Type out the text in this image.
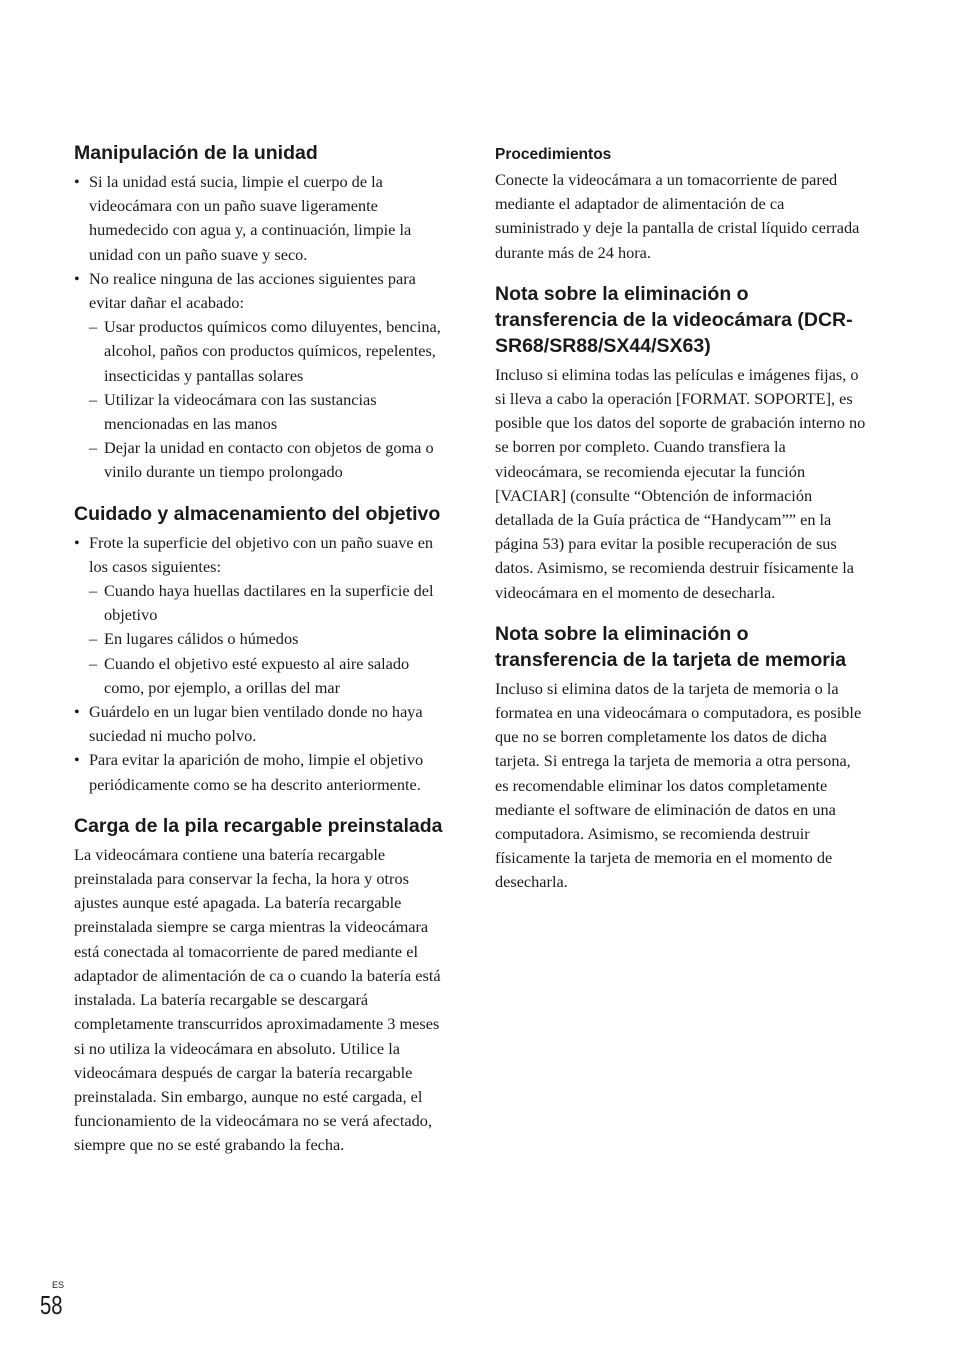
Manipulación de la unidad
• Si la unidad está sucia, limpie el cuerpo de la videocámara con un paño suave ligeramente humedecido con agua y, a continuación, limpie la unidad con un paño suave y seco.
• No realice ninguna de las acciones siguientes para evitar dañar el acabado:
– Usar productos químicos como diluyentes, bencina, alcohol, paños con productos químicos, repelentes, insecticidas y pantallas solares
– Utilizar la videocámara con las sustancias mencionadas en las manos
– Dejar la unidad en contacto con objetos de goma o vinilo durante un tiempo prolongado
Cuidado y almacenamiento del objetivo
• Frote la superficie del objetivo con un paño suave en los casos siguientes:
– Cuando haya huellas dactilares en la superficie del objetivo
– En lugares cálidos o húmedos
– Cuando el objetivo esté expuesto al aire salado como, por ejemplo, a orillas del mar
• Guárdelo en un lugar bien ventilado donde no haya suciedad ni mucho polvo.
• Para evitar la aparición de moho, limpie el objetivo periódicamente como se ha descrito anteriormente.
Carga de la pila recargable preinstalada

La videocámara contiene una batería recargable preinstalada para conservar la fecha, la hora y otros ajustes aunque esté apagada. La batería recargable preinstalada siempre se carga mientras la videocámara está conectada al tomacorriente de pared mediante el adaptador de alimentación de ca o cuando la batería está instalada. La batería recargable se descargará completamente transcurridos aproximadamente 3 meses si no utiliza la videocámara en absoluto. Utilice la videocámara después de cargar la batería recargable preinstalada. Sin embargo, aunque no esté cargada, el funcionamiento de la videocámara no se verá afectado, siempre que no se esté grabando la fecha.

Procedimientos

Conecte la videocámara a un tomacorriente de pared mediante el adaptador de alimentación de ca suministrado y deje la pantalla de cristal líquido cerrada durante más de 24 hora.

Nota sobre la eliminación o transferencia de la videocámara (DCR-SR68/SR88/SX44/SX63)

Incluso si elimina todas las películas e imágenes fijas, o si lleva a cabo la operación [FORMAT. SOPORTE], es posible que los datos del soporte de grabación interno no se borren por completo. Cuando transfiera la videocámara, se recomienda ejecutar la función [VACIAR] (consulte “Obtención de información detallada de la Guía práctica de “Handycam”” en la página 53) para evitar la posible recuperación de sus datos. Asimismo, se recomienda destruir físicamente la videocámara en el momento de desecharla.

Nota sobre la eliminación o transferencia de la tarjeta de memoria

Incluso si elimina datos de la tarjeta de memoria o la formatea en una videocámara o computadora, es posible que no se borren completamente los datos de dicha tarjeta. Si entrega la tarjeta de memoria a otra persona, es recomendable eliminar los datos completamente mediante el software de eliminación de datos en una computadora. Asimismo, se recomienda destruir físicamente la tarjeta de memoria en el momento de desecharla.

ES
58
